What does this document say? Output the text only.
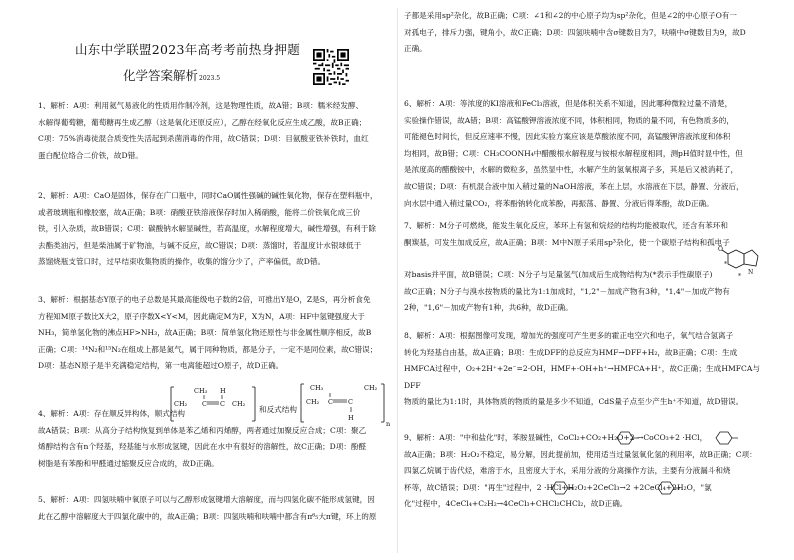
山东中学联盟2023年高考考前热身押题
化学答案解析2023.5

1、解析：A项：利用氦气易液化的性质用作制冷剂，这是物理性质，故A错；B项：糯米经发酵、

水解得葡萄糖，葡萄糖再生成乙醇（这是氧化还原反应），乙醇在经氧化反应生成乙酸，故B正确；

C项：75%消毒徒混合质变性失活起到杀菌消毒的作用，故C错误；D项：目氨酸亚铁补铁时，血红

蛋白配位络合二价铁，故D错。

2、解析：A项：CaO是固体，保存在广口瓶中，同时CaO属性强碱的碱性氧化物，保存在塑料瓶中，

或者玻璃瓶和橡胶塞，故A正确；B项：硝酸亚铁溶液保存时加入稀硝酸，能将二价铁氧化成三价

铁，引入杂质，故B错误；C项：碳酸钠水解显碱性，若高温度，水解程度增大，碱性增强，有利于除

去酯类油污，但是柴油属于矿物油，与碱不反应，故C错误；D项：蒸馏时，若温度计水银球低于

蒸馏烧瓶支管口时，过早结束收集物质的操作，收集的馏分少了，产率偏低，故D错。

3、解析：根据基态Y原子的电子总数是其最高能级电子数的2倍，可推出Y是O，Z是S，再分析食免

方程知M原子数比X大2，原子序数X<Y<M，因此确定M为F，X为N，A项：HF中氢键强度大于

NH₃，简单氢化物的沸点HF>NH₃，故A正确；B项：简单氢化物还原性与非金属性顺序相反，故B

正确；C项：¹⁴N₂和¹⁵N₂在组成上都是氮气，属于同种物质，都是分子，一定不是同位素，故C错误；

D项：基态N原子是半充满稳定结构，第一电离能超过O原子，故D正确。

CH₂
CH₃
C C
H
CH₂
和反式结构
CH₃
CH₂ C C
H
CH₂
n

4、解析：A项：存在顺反异构体，顺式结构

故A错误；B项：从高分子结构恢复到单体是苯乙烯和丙烯醇，两者通过加聚反应合成；C项：聚乙

烯醇结构含有n个羟基，羟基能与水形成氢键，因此在水中有很好的溶解性，故C正确；D项：酚醛

树脂是有苯酚和甲醛通过缩聚反应合成的，故D正确。

5、解析：A项：四氢呋喃中氧原子可以与乙醇形成氢键增大溶解度，而与四氢化碳不能形成氢键，因

此在乙醇中溶解度大于四氯化碳中的，故A正确；B项：四氢呋喃和呋喃中都含有π⁶₅大π键，环上的原

子都是采用sp²杂化，故B正确；C项：∠1和∠2的中心原子均为sp²杂化，但是∠2的中心原子O有一

对孤电子，排斥力强，键角小，故C正确；D项：四氢呋喃中含σ键数目为7，呋喃中σ键数目为9，故D

正确。

6、解析：A项：等浓度的KI溶液和FeCl₃溶液，但是体积关系不知道，因此哪种微粒过量不清楚，

实验操作错误，故A错；B项：高锰酸钾溶液浓度不同，体积相同，物质的量不同，有色物质多的，

可能褪色时间长，但反应速率不慢，因此实验方案应该是草酸浓度不同，高锰酸钾溶液浓度和体积

均相同，故B错；C项：CH₃COONH₄中醋酸根水解程度与铵根水解程度相同，测pH值时显中性，但

是浓度高的醋酸铵中，水解的微粒多，虽然显中性，水解产生的氢氧根离子多，其是后又被消耗了，

故C错误；D项：有机混合液中加入稍过量的NaOH溶液，苯在上层，水溶液在下层，静置、分液后，

向水层中通入稍过量CO₂，将苯酚钠转化成苯酚，再振荡、静置、分液后得苯酚，故D正确。

7、解析：M分子可燃烧，能发生氧化反应，苯环上有氢和烷烃的结构均能被取代，还含有苯环和

酮羰基，可发生加成反应，故A正确；B项：M中N原子采用sp³杂化，使一个碳原子结构和孤电子

对basis并平面，故B错误；C项：N分子与足量氢气(加成后生成物结构为(*表示手性碳原子)

故C正确；N分子与溴水按物质的量比为1:1加成时，"1,2"－加成产物有3种，"1,4"－加成产物有

2种，"1,6"－加成产物有1种，共6种，故D正确。

O
N
*
*

8、解析：A项：根据图像可发现，增加光的强度可产生更多的霍正电空穴和电子，氧气结合氢离子

转化为羟基自由基，故A正确；B项：生成DFF的总反应为HMF→DFF+H₂，故B正确；C项：生成

HMFCA过程中，O₂+2H⁺+2e⁻=2·OH，HMF+·OH+h⁺→HMFCA+H⁺，故C正确；生成HMFCA与DFF

物质的量比为1:1时，具体物质的物质的量是多少不知道，CdS量子点至少产生h⁺不知道，故D错误。

9、解析：A项："中和盐化"时，苯胺显碱性，CoCl₂+CO₂+H₂O+2 →CoCO₃+2 ·HCl，

故A正确；B项：H₂O₂不稳定，易分解，因此提前加，使用适当过量氢氧化氢的利用率，故B正确；C项：

四氯乙烷属于齿代烃，难溶于水，且密度大于水，采用分液的分离操作方法，主要有分液漏斗和烧

杯等，故C错误；D项："再生"过程中，2 ·HCl+H₂O₂+2CeCl₃→2 +2CeCl₄+2H₂O，"氯

化"过程中，4CeCl₄+C₂H₂→4CeCl₃+CHCl₂CHCl₂，故D正确。
